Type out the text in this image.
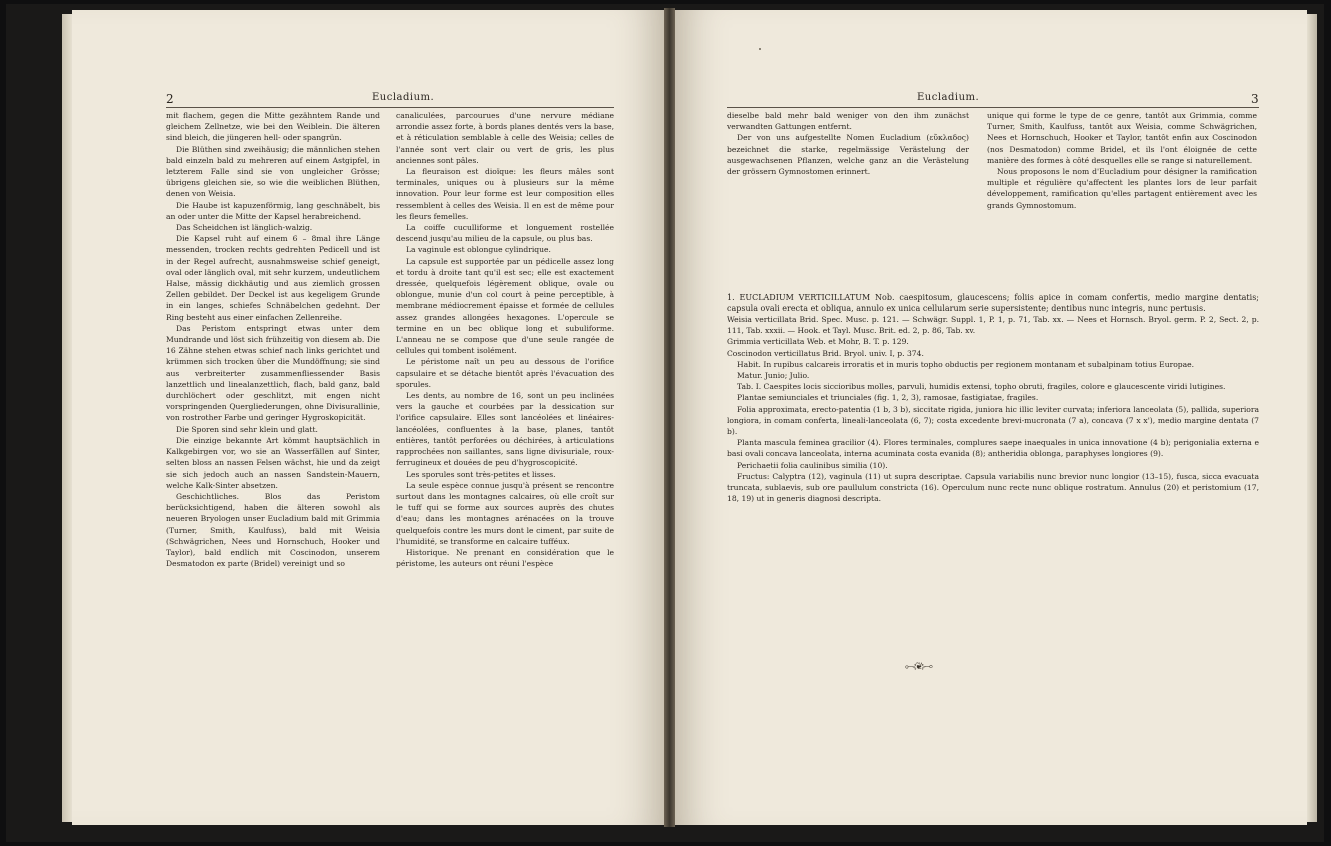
2	Eucladium.

mit flachem, gegen die Mitte gezähntem Rande und gleichem Zellnetze, wie bei den Weiblein. Die älteren sind bleich, die jüngeren hell- oder spangrün.

Die Blüthen sind zweihäusig; die männlichen stehen bald einzeln bald zu mehreren auf einem Astgipfel, in letzterem Falle sind sie von ungleicher Grösse; übrigens gleichen sie, so wie die weiblichen Blüthen, denen von Weisia.

Die Haube ist kapuzenförmig, lang geschnäbelt, bis an oder unter die Mitte der Kapsel herabreichend.

Das Scheidchen ist länglich-walzig.

Die Kapsel ruht auf einem 6 – 8mal ihre Länge messenden, trocken rechts gedrehten Pedicell und ist in der Regel aufrecht, ausnahmsweise schief geneigt, oval oder länglich oval, mit sehr kurzem, undeutlichem Halse, mässig dickhäutig und aus ziemlich grossen Zellen gebildet. Der Deckel ist aus kegeligem Grunde in ein langes, schiefes Schnäbelchen gedehnt. Der Ring besteht aus einer einfachen Zellenreihe.

Das Peristom entspringt etwas unter dem Mundrande und löst sich frühzeitig von diesem ab. Die 16 Zähne stehen etwas schief nach links gerichtet und krümmen sich trocken über die Mundöffnung; sie sind aus verbreiterter zusammenfliessender Basis lanzettlich und linealanzettlich, flach, bald ganz, bald durchlöchert oder geschlitzt, mit engen nicht vorspringenden Quergliederungen, ohne Divisurallinie, von rostrother Farbe und geringer Hygroskopicität.

Die Sporen sind sehr klein und glatt.

Die einzige bekannte Art kömmt hauptsächlich in Kalkgebirgen vor, wo sie an Wasserfällen auf Sinter, selten bloss an nassen Felsen wächst, hie und da zeigt sie sich jedoch auch an nassen Sandstein-Mauern, welche Kalk-Sinter absetzen.

Geschichtliches. Blos das Peristom berücksichtigend, haben die älteren sowohl als neueren Bryologen unser Eucladium bald mit Grimmia (Turner, Smith, Kaulfuss), bald mit Weisia (Schwägrichen, Nees und Hornschuch, Hooker und Taylor), bald endlich mit Coscinodon, unserem Desmatodon ex parte (Bridel) vereinigt und so

canaliculées, parcourues d'une nervure médiane arrondie assez forte, à bords planes dentés vers la base, et à réticulation semblable à celle des Weisia; celles de l'année sont vert clair ou vert de gris, les plus anciennes sont pâles.

La fleuraison est dioïque: les fleurs mâles sont terminales, uniques ou à plusieurs sur la même innovation. Pour leur forme est leur composition elles ressemblent à celles des Weisia. Il en est de même pour les fleurs femelles.

La coiffe cuculliforme et longuement rostellée descend jusqu'au milieu de la capsule, ou plus bas.

La vaginule est oblongue cylindrique.

La capsule est supportée par un pédicelle assez long et tordu à droite tant qu'il est sec; elle est exactement dressée, quelquefois légèrement oblique, ovale ou oblongue, munie d'un col court à peine perceptible, à membrane médiocrement épaisse et formée de cellules assez grandes allongées hexagones. L'opercule se termine en un bec oblique long et subuliforme. L'anneau ne se compose que d'une seule rangée de cellules qui tombent isolément.

Le péristome naît un peu au dessous de l'orifice capsulaire et se détache bientôt après l'évacuation des sporules.

Les dents, au nombre de 16, sont un peu inclinées vers la gauche et courbées par la dessication sur l'orifice capsulaire. Elles sont lancéolées et linéaires-lancéolées, confluentes à la base, planes, tantôt entières, tantôt perforées ou déchirées, à articulations rapprochées non saillantes, sans ligne divisuriale, roux-ferrugineux et douées de peu d'hygroscopicité.

Les sporules sont très-petites et lisses.

La seule espèce connue jusqu'à présent se rencontre surtout dans les montagnes calcaires, où elle croît sur le tuff qui se forme aux sources auprès des chutes d'eau; dans les montagnes arénacées on la trouve quelquefois contre les murs dont le ciment, par suite de l'humidité, se transforme en calcaire tufféux.

Historique. Ne prenant en considération que le péristome, les auteurs ont réuni l'espèce

Eucladium.	3

dieselbe bald mehr bald weniger von den ihm zunächst verwandten Gattungen entfernt.

Der von uns aufgestellte Nomen Eucladium (εὔκλαδος) bezeichnet die starke, regelmässige Verästelung der ausgewachsenen Pflanzen, welche ganz an die Verästelung der grössern Gymnostomen erinnert.

unique qui forme le type de ce genre, tantôt aux Grimmia, comme Turner, Smith, Kaulfuss, tantôt aux Weisia, comme Schwägrichen, Nees et Hornschuch, Hooker et Taylor, tantôt enfin aux Coscinodon (nos Desmatodon) comme Bridel, et ils l'ont éloignée de cette manière des formes à côté desquelles elle se range si naturellement.

Nous proposons le nom d'Eucladium pour désigner la ramification multiple et régulière qu'affectent les plantes lors de leur parfait développement, ramification qu'elles partagent entièrement avec les grands Gymnostomum.

1. EUCLADIUM VERTICILLATUM Nob. caespitosum, glaucescens; foliis apice in comam confertis, medio margine dentatis; capsula ovali erecta et obliqua, annulo ex unica cellularum serie supersistente; dentibus nunc integris, nunc pertusis.

Weisia verticillata Brid. Spec. Musc. p. 121. — Schwägr. Suppl. 1, P. 1, p. 71, Tab. xx. — Nees et Hornsch. Bryol. germ. P. 2, Sect. 2, p. 111, Tab. xxxii. — Hook. et Tayl. Musc. Brit. ed. 2, p. 86, Tab. xv.

Grimmia verticillata Web. et Mohr, B. T. p. 129.

Coscinodon verticillatus Brid. Bryol. univ. I, p. 374.

Habit. In rupibus calcareis irroratis et in muris topho obductis per regionem montanam et subalpinam totius Europae.

Matur. Junio; Julio.

Tab. I. Caespites locis siccioribus molles, parvuli, humidis extensi, topho obruti, fragiles, colore e glaucescente viridi lutigines.

Plantae semiunciales et triunciales (fig. 1, 2, 3), ramosae, fastigiatae, fragiles.

Folia approximata, erecto-patentia (1 b, 3 b), siccitate rigida, juniora hic illic leviter curvata; inferiora lanceolata (5), pallida, superiora longiora, in comam conferta, lineali-lanceolata (6, 7); costa excedente brevi-mucronata (7 a), concava (7 x x'), medio margine dentata (7 b).

Planta mascula feminea gracilior (4). Flores terminales, complures saepe inaequales in unica innovatione (4 b); perigonialia externa e basi ovali concava lanceolata, interna acuminata costa evanida (8); antheridia oblonga, paraphyses longiores (9).

Perichaetii folia caulinibus similia (10).

Fructus: Calyptra (12), vaginula (11) ut supra descriptae. Capsula variabilis nunc brevior nunc longior (13–15), fusca, sicca evacuata truncata, sublaevis, sub ore paullulum constricta (16). Operculum nunc recte nunc oblique rostratum. Annulus (20) et peristomium (17, 18, 19) ut in generis diagnosi descripta.

⟜⊰❦⊱⊸
